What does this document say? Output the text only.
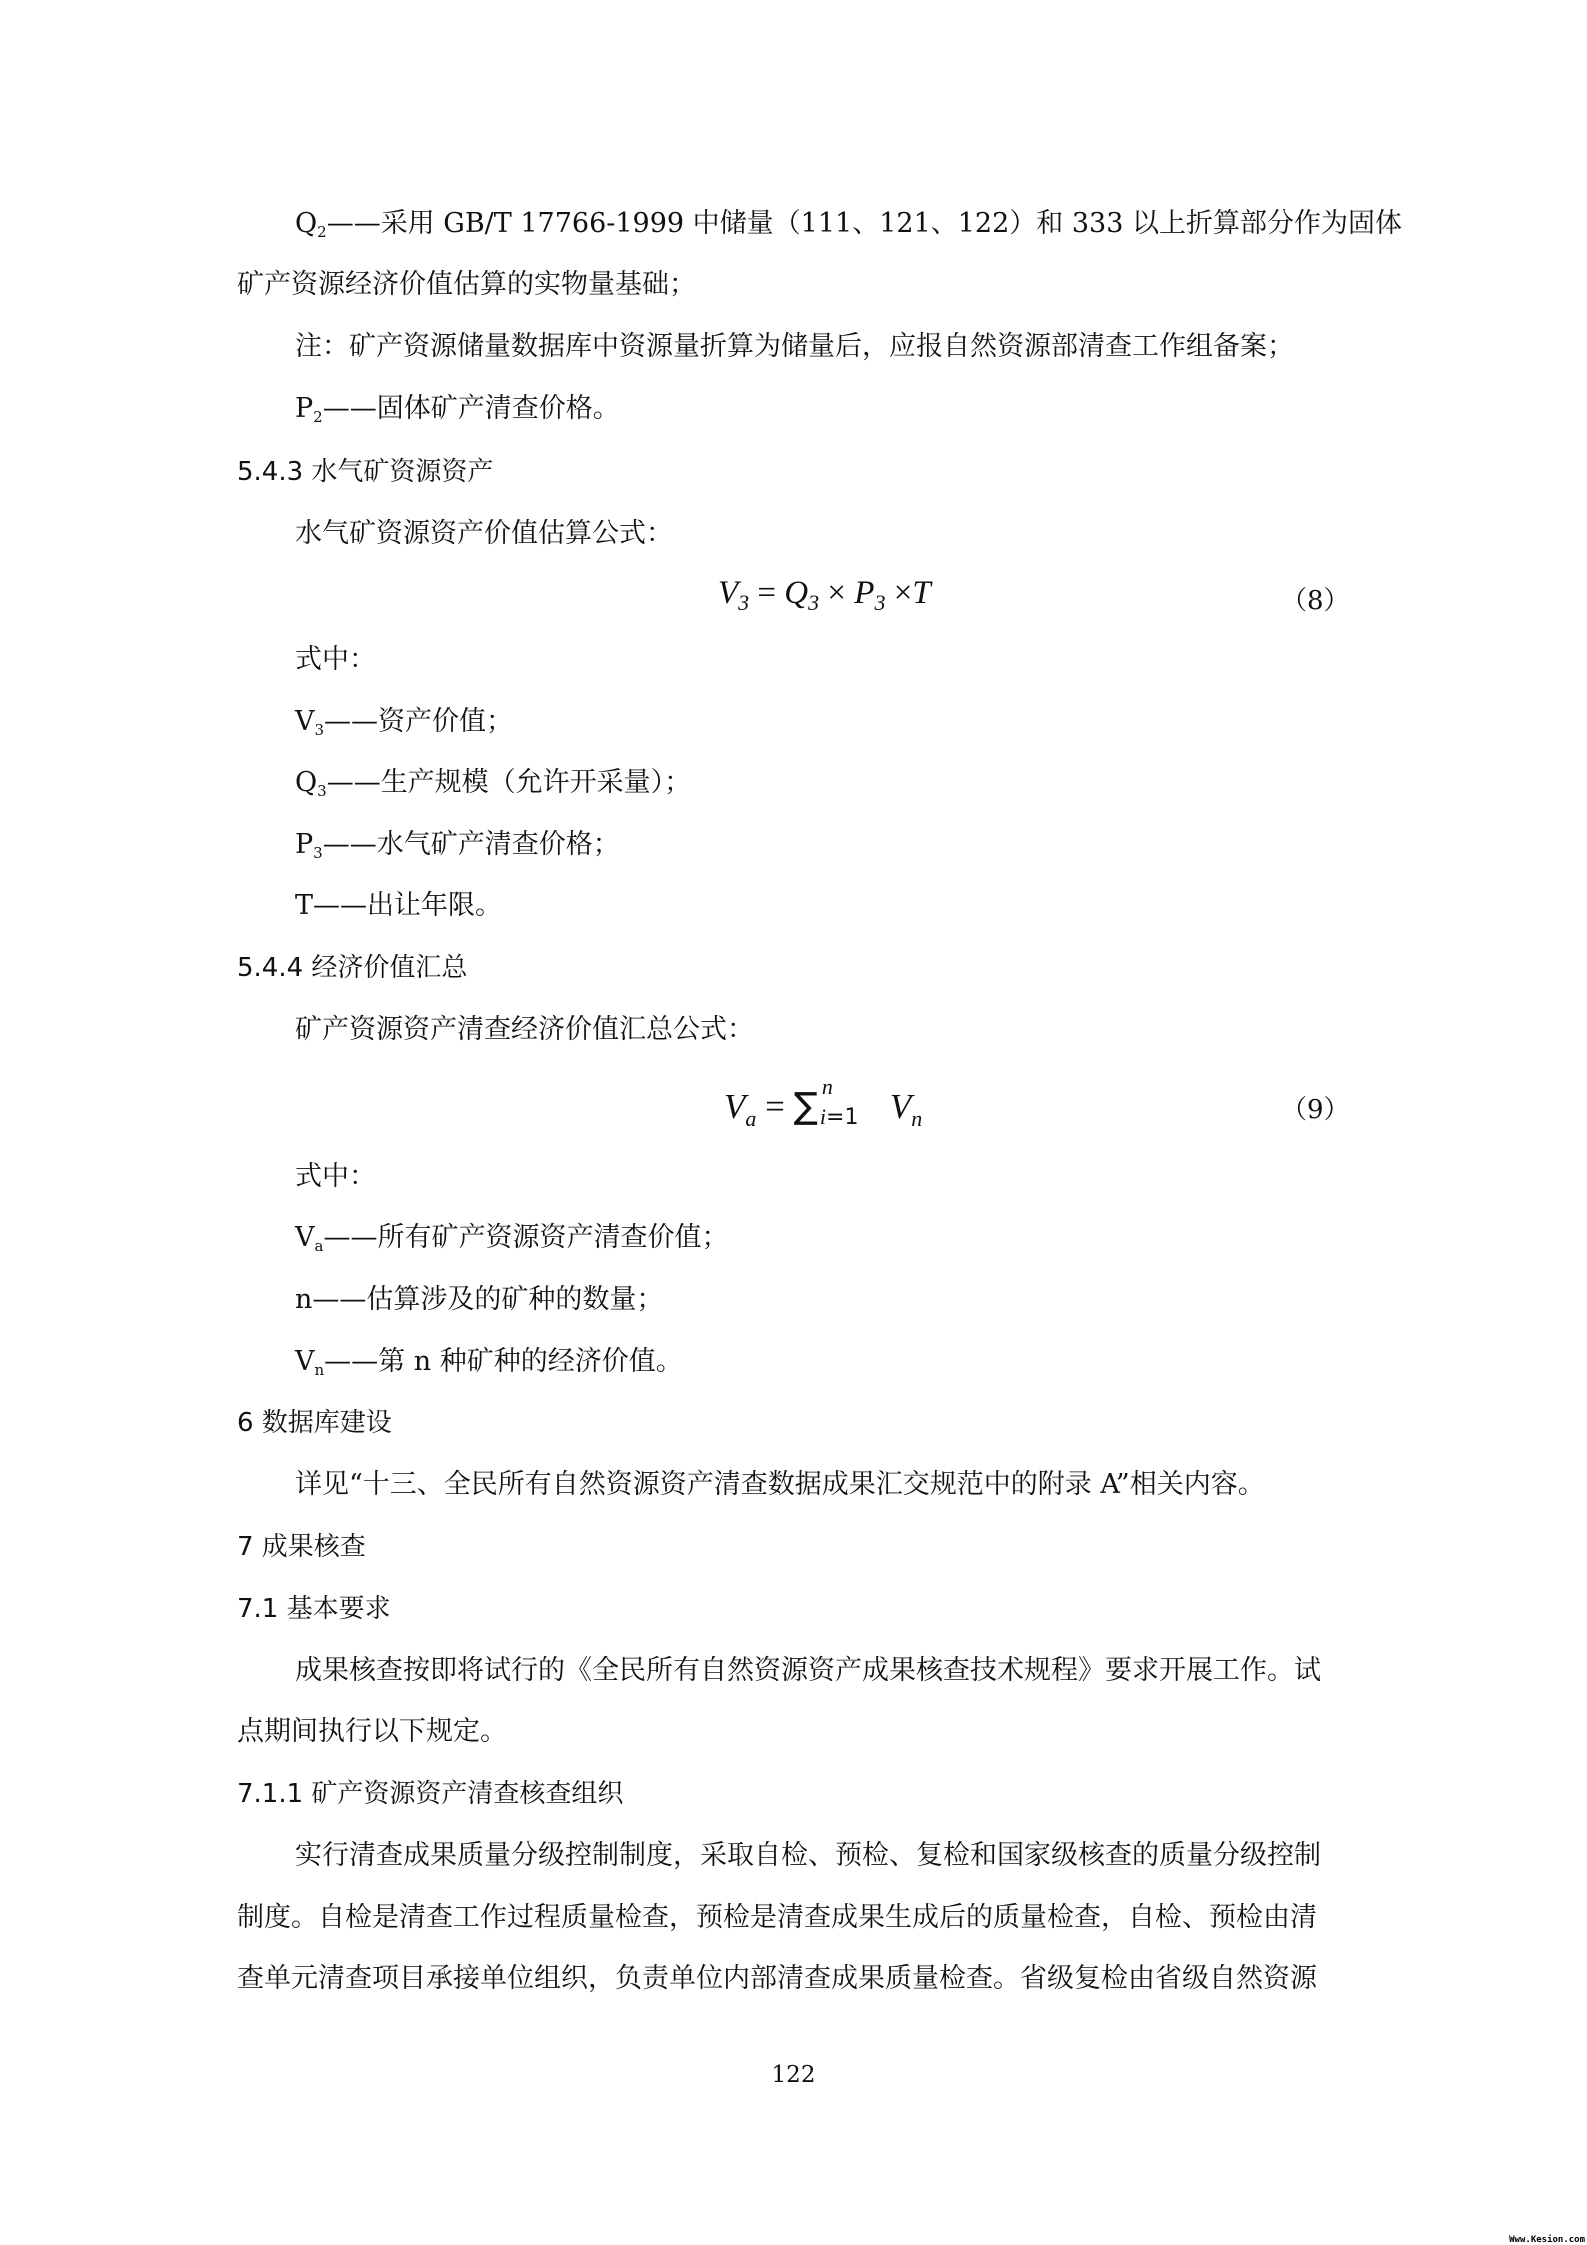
$Q_2——$采用 GB/T 17766-1999 中储量（111、121、122）和 333 以上折算部分作为固体
矿产资源经济价值估算的实物量基础；
注：矿产资源储量数据库中资源量折算为储量后，应报自然资源部清查工作组备案；
$P_2——$固体矿产清查价格。
5.4.3 水气矿资源资产
水气矿资源资产价值估算公式：
$V_3 = Q_3 \times P_3 \times T$	（8）
式中：
$V_3——$资产价值；
$Q_3——$生产规模（允许开采量）；
$P_3——$水气矿产清查价格；
T——出让年限。
5.4.4 经济价值汇总
矿产资源资产清查经济价值汇总公式：
$V_a$ = ∑ n
i=1 $V_n$	（9）
式中：
$V_a——$所有矿产资源资产清查价值；
n——估算涉及的矿种的数量；
$V_n——$第 n 种矿种的经济价值。
6 数据库建设
详见“十三、全民所有自然资源资产清查数据成果汇交规范中的附录 A”相关内容。
7 成果核查
7.1 基本要求
成果核查按即将试行的《全民所有自然资源资产成果核查技术规程》要求开展工作。试
点期间执行以下规定。
7.1.1 矿产资源资产清查核查组织
实行清查成果质量分级控制制度，采取自检、预检、复检和国家级核查的质量分级控制
制度。自检是清查工作过程质量检查，预检是清查成果生成后的质量检查，自检、预检由清
查单元清查项目承接单位组织，负责单位内部清查成果质量检查。省级复检由省级自然资源
122
Www.Kesion.com
